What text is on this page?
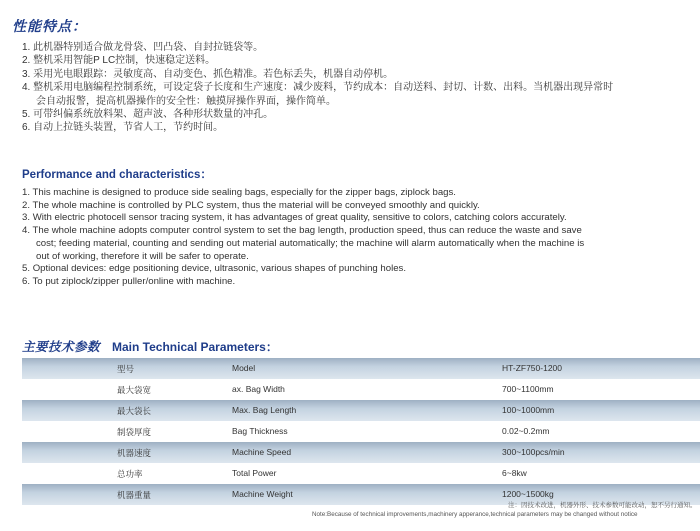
性能特点：
1. 此机器特别适合做龙骨袋、凹凸袋、自封拉链袋等。
2. 整机采用智能P LC控制，快速稳定送料。
3. 采用光电眼跟踪：灵敏度高、自动变色、抓色精准。若色标丢失，机器自动停机。
4. 整机采用电脑编程控制系统，可设定袋子长度和生产速度：减少废料，节约成本：自动送料、封切、计数、出料。当机器出现异常时
会自动报警，提高机器操作的安全性：触摸屏操作界面，操作简单。
5. 可带纠偏系统放料架、超声波、各种形状数量的冲孔。
6. 自动上拉链头装置，节省人工，节约时间。
Performance and characteristics：
1. This machine is designed to produce side sealing bags, especially for the zipper bags, ziplock bags.
2. The whole machine is controlled by PLC system, thus the material will be conveyed smoothly and quickly.
3. With electric photocell sensor tracing system, it has advantages of great quality, sensitive to colors, catching colors accurately.
4. The whole machine adopts computer control system to set the bag length, production speed, thus can reduce the waste and save
cost; feeding material, counting and sending out material automatically; the machine will alarm automatically when the machine is
out of working, therefore it will be safer to operate.
5. Optional devices: edge positioning device, ultrasonic, various shapes of punching holes.
6. To put ziplock/zipper puller/online with machine.
主要技术参数 Main Technical Parameters：
型号	Model	HT-ZF750-1200
最大袋宽	ax. Bag Width	700~1100mm
最大袋长	Max. Bag Length	100~1000mm
制袋厚度	Bag Thickness	0.02~0.2mm
机器速度	Machine Speed	300~100pcs/min
总功率	Total Power	6~8kw
机器重量	Machine Weight	1200~1500kg
注：因技术改进，机器外形、技术参数可能改动，恕不另行通知。
Note:Because of technical improvements,machinery apperance,technical parameters may be changed without notice
